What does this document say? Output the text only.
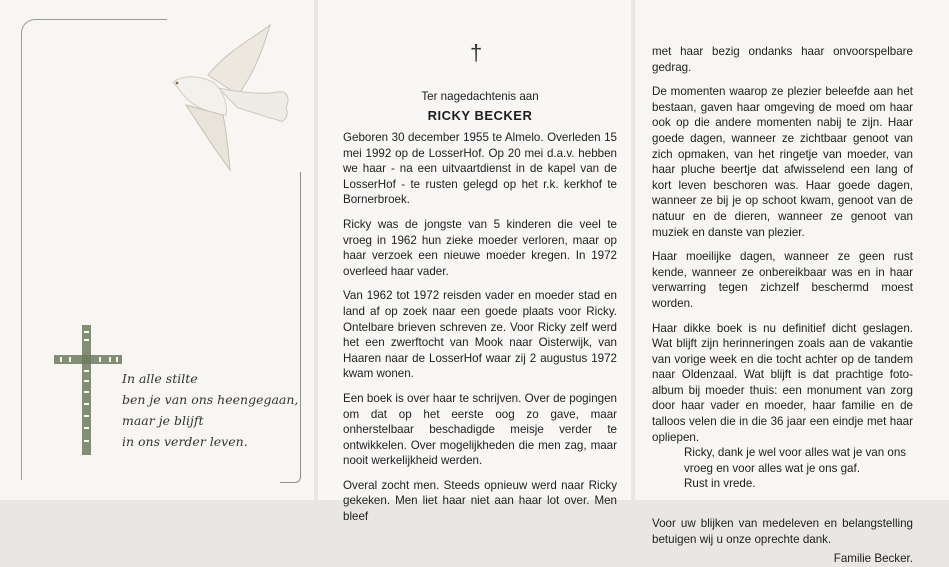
In alle stilte
ben je van ons heengegaan,
maar je blijft
in ons verder leven.
†
Ter nagedachtenis aan
RICKY BECKER

Geboren 30 december 1955 te Almelo. Overleden 15 mei 1992 op de LosserHof. Op 20 mei d.a.v. hebben we haar - na een uitvaartdienst in de kapel van de LosserHof - te rusten gelegd op het r.k. kerkhof te Bornerbroek.

Ricky was de jongste van 5 kinderen die veel te vroeg in 1962 hun zieke moeder verloren, maar op haar verzoek een nieuwe moeder kregen. In 1972 overleed haar vader.

Van 1962 tot 1972 reisden vader en moeder stad en land af op zoek naar een goede plaats voor Ricky. Ontelbare brieven schreven ze. Voor Ricky zelf werd het een zwerftocht van Mook naar Oisterwijk, van Haaren naar de LosserHof waar zij 2 augustus 1972 kwam wonen.

Een boek is over haar te schrijven. Over de pogingen om dat op het eerste oog zo gave, maar onherstelbaar beschadigde meisje verder te ontwikkelen. Over mogelijkheden die men zag, maar nooit werkelijkheid werden.

Overal zocht men. Steeds opnieuw werd naar Ricky gekeken. Men liet haar niet aan haar lot over. Men bleef

met haar bezig ondanks haar onvoorspelbare gedrag.

De momenten waarop ze plezier beleefde aan het bestaan, gaven haar omgeving de moed om haar ook op die andere momenten nabij te zijn. Haar goede dagen, wanneer ze zichtbaar genoot van zich opmaken, van het ringetje van moeder, van haar pluche beertje dat afwisselend een lang of kort leven beschoren was. Haar goede dagen, wanneer ze bij je op schoot kwam, genoot van de natuur en de dieren, wanneer ze genoot van muziek en danste van plezier.

Haar moeilijke dagen, wanneer ze geen rust kende, wanneer ze onbereikbaar was en in haar verwarring tegen zichzelf beschermd moest worden.

Haar dikke boek is nu definitief dicht geslagen. Wat blijft zijn herinneringen zoals aan de vakantie van vorige week en die tocht achter op de tandem naar Oldenzaal. Wat blijft is dat prachtige foto-album bij moeder thuis: een monument van zorg door haar vader en moeder, haar familie en de talloos velen die in die 36 jaar een eindje met haar opliepen.

Ricky, dank je wel voor alles wat je van ons
vroeg en voor alles wat je ons gaf.
Rust in vrede.

Voor uw blijken van medeleven en belangstelling betuigen wij u onze oprechte dank.

Familie Becker.
